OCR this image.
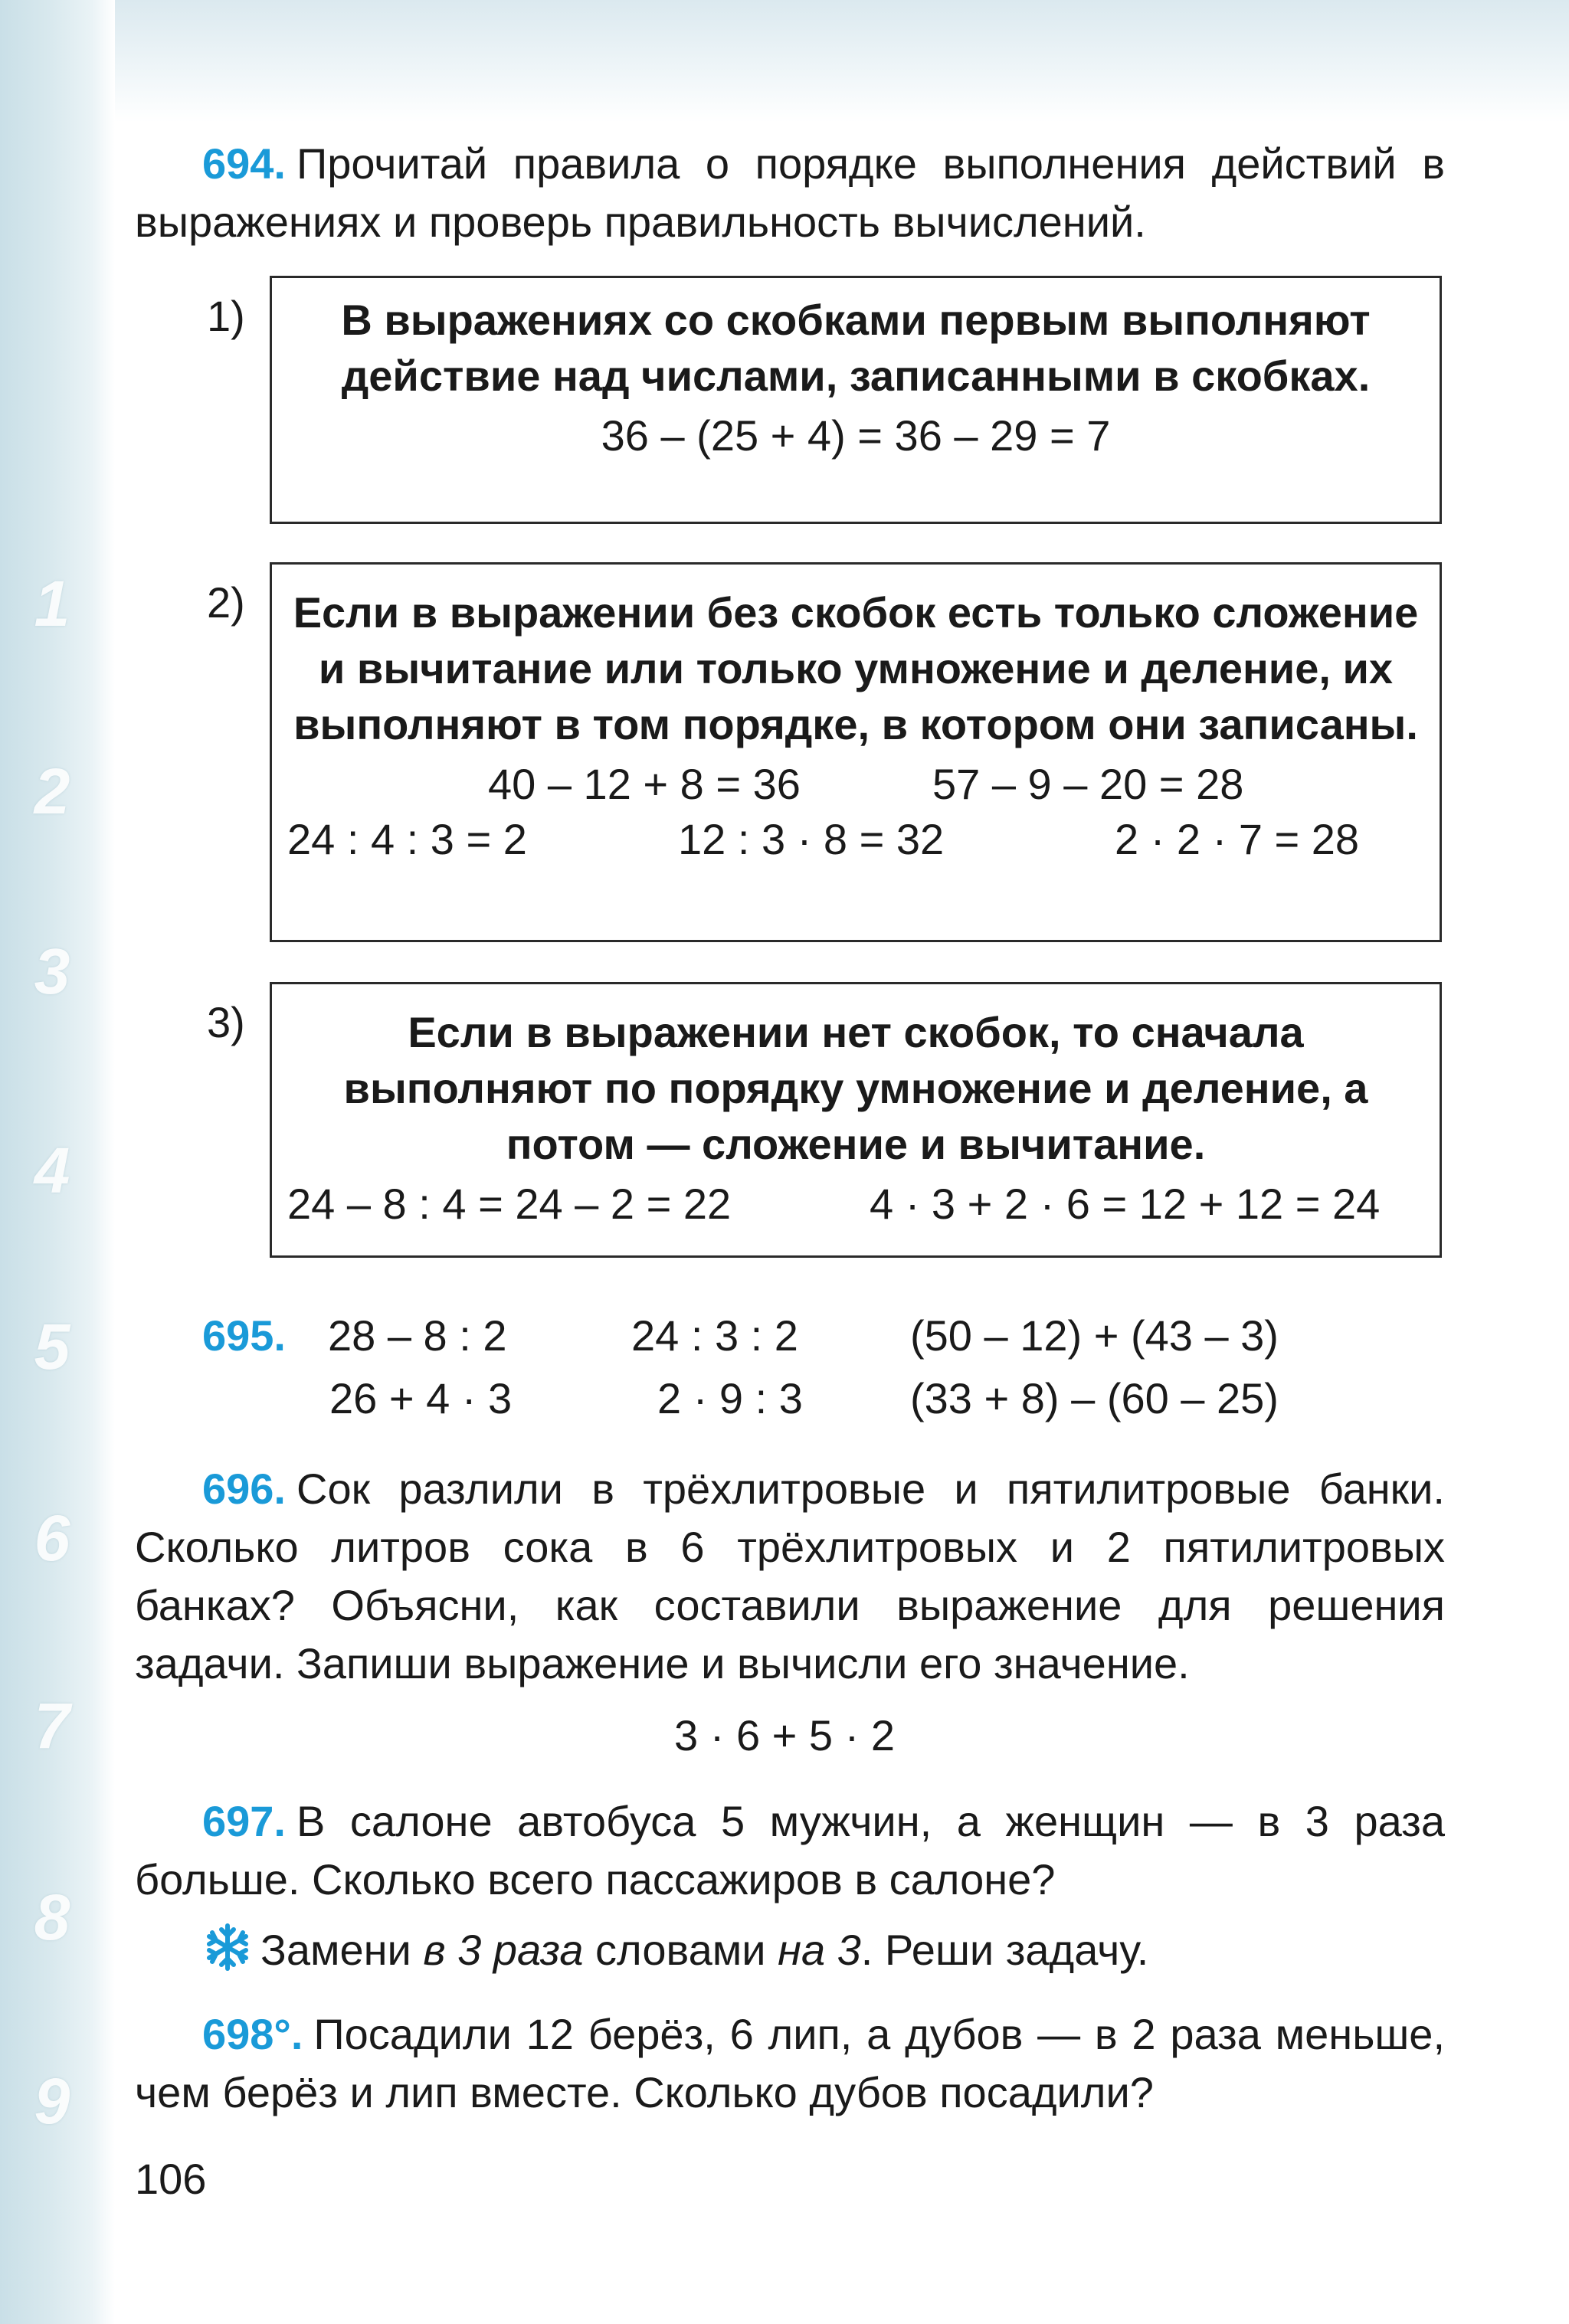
1
2
3
4
5
6
7
8
9

694. Прочитай правила о порядке выполнения действий в выражениях и проверь правильность вычислений.

1)	В выражениях со скобками первым выполняют действие над числами, записанными в скобках.

36 – (25 + 4) = 36 – 29 = 7
2) Если в выражении без скобок есть только сложение и вычитание или только умножение и деление, их выполняют в том порядке, в котором они записаны.

40 – 12 + 8 = 36

	57 – 9 – 20 = 28

24 : 4 : 3 = 2

	12 : 3 · 8 = 32

	2 · 2 · 7 = 28

3)	Если в выражении нет скобок, то сначала выполняют по порядку умножение и деление, а потом — сложение и вычитание.

24 – 8 : 4 = 24 – 2 = 22

	4 · 3 + 2 · 6 = 12 + 12 = 24

695. 28 – 8 : 2	24 : 3 : 2	(50 – 12) + (43 – 3)
26 + 4 · 3	2 · 9 : 3	(33 + 8) – (60 – 25)

696. Сок разлили в трёхлитровые и пятилитровые банки. Сколько литров сока в 6 трёхлитровых и 2 пятилитровых банках? Объясни, как составили выражение для решения задачи. Запиши выражение и вычисли его значение.

3 · 6 + 5 · 2

697. В салоне автобуса 5 мужчин, а женщин — в 3 раза больше. Сколько всего пассажиров в салоне?

Замени в 3 раза словами на 3. Реши задачу.

698°. Посадили 12 берёз, 6 лип, а дубов — в 2 раза меньше, чем берёз и лип вместе. Сколько дубов посадили?

106
